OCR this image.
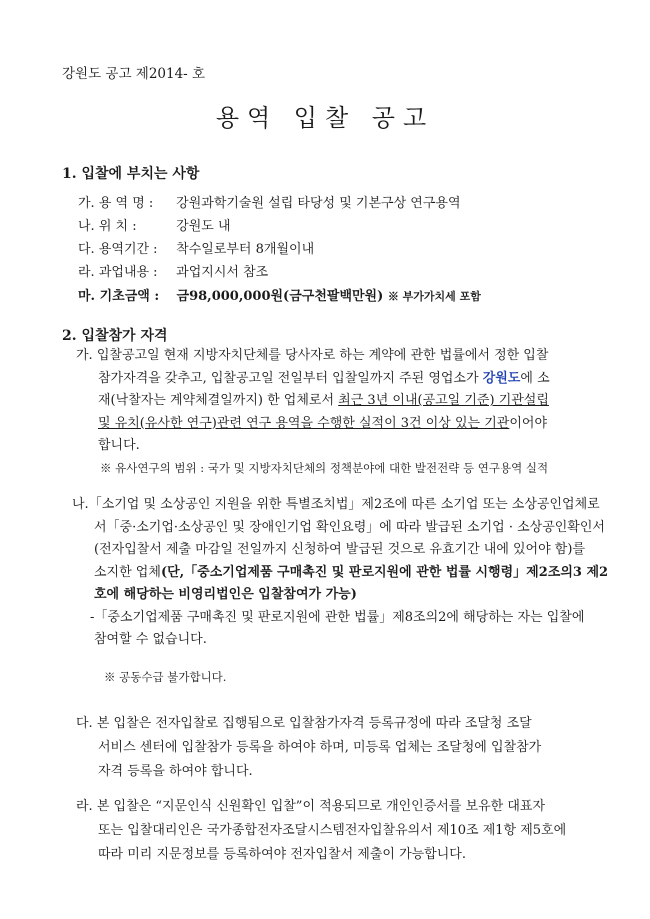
강원도 공고 제2014- 호
용역 입찰 공고
1. 입찰에 부치는 사항
가. 용 역 명 : 강원과학기술원 설립 타당성 및 기본구상 연구용역
나. 위 치 :	강원도 내
다. 용역기간 : 착수일로부터 8개월이내
라. 과업내용 : 과업지시서 참조
마. 기초금액 : 금98,000,000원(금구천팔백만원) ※ 부가가치세 포함
2. 입찰참가 자격
가. 입찰공고일 현재 지방자치단체를 당사자로 하는 계약에 관한 법률에서 정한 입찰
참가자격을 갖추고, 입찰공고일 전일부터 입찰일까지 주된 영업소가 강원도에 소
재(낙찰자는 계약체결일까지) 한 업체로서 최근 3년 이내(공고일 기준) 기관설립
및 유치(유사한 연구)관련 연구 용역을 수행한 실적이 3건 이상 있는 기관이어야
합니다.
※ 유사연구의 범위 : 국가 및 지방자치단체의 정책분야에 대한 발전전략 등 연구용역 실적
나.「소기업 및 소상공인 지원을 위한 특별조치법」제2조에 따른 소기업 또는 소상공인업체로
서「중·소기업·소상공인 및 장애인기업 확인요령」에 따라 발급된 소기업 · 소상공인확인서
(전자입찰서 제출 마감일 전일까지 신청하여 발급된 것으로 유효기간 내에 있어야 함)를
소지한 업체(단,「중소기업제품 구매촉진 및 판로지원에 관한 법률 시행령」제2조의3 제2
호에 해당하는 비영리법인은 입찰참여가 가능)
-「중소기업제품 구매촉진 및 판로지원에 관한 법률」제8조의2에 해당하는 자는 입찰에
참여할 수 없습니다.
※ 공동수급 불가합니다.
다. 본 입찰은 전자입찰로 집행됨으로 입찰참가자격 등록규정에 따라 조달청 조달
서비스 센터에 입찰참가 등록을 하여야 하며, 미등록 업체는 조달청에 입찰참가
자격 등록을 하여야 합니다.
라. 본 입찰은 “지문인식 신원확인 입찰”이 적용되므로 개인인증서를 보유한 대표자
또는 입찰대리인은 국가종합전자조달시스템전자입찰유의서 제10조 제1항 제5호에
따라 미리 지문정보를 등록하여야 전자입찰서 제출이 가능합니다.
